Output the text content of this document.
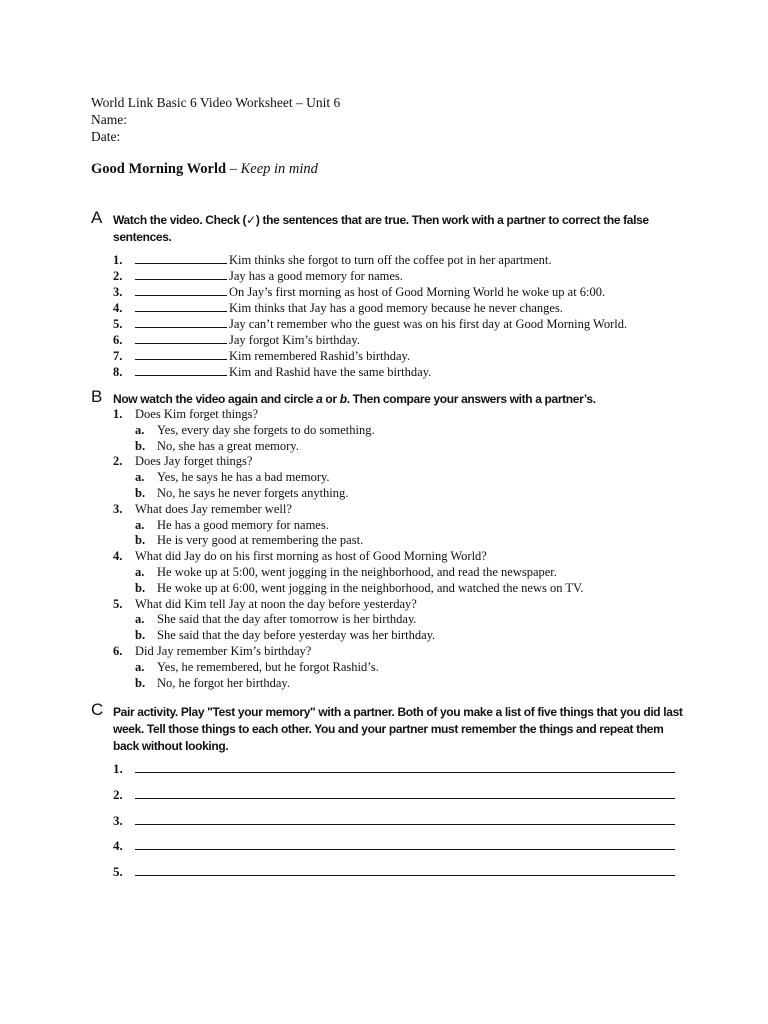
World Link Basic 6 Video Worksheet – Unit 6
Name:
Date:
Good Morning World – Keep in mind
A Watch the video. Check (✓) the sentences that are true. Then work with a partner to correct the false sentences.
1.	Kim thinks she forgot to turn off the coffee pot in her apartment.
2.	Jay has a good memory for names.
3.	On Jay’s first morning as host of Good Morning World he woke up at 6:00.
4.	Kim thinks that Jay has a good memory because he never changes.
5.	Jay can’t remember who the guest was on his first day at Good Morning World.
6.	Jay forgot Kim’s birthday.
7.	Kim remembered Rashid’s birthday.
8.	Kim and Rashid have the same birthday.
B Now watch the video again and circle a or b. Then compare your answers with a partner’s.
1. Does Kim forget things?
a. Yes, every day she forgets to do something.
b. No, she has a great memory.
2. Does Jay forget things?
a. Yes, he says he has a bad memory.
b. No, he says he never forgets anything.
3. What does Jay remember well?
a. He has a good memory for names.
b. He is very good at remembering the past.
4. What did Jay do on his first morning as host of Good Morning World?
a. He woke up at 5:00, went jogging in the neighborhood, and read the newspaper.
b. He woke up at 6:00, went jogging in the neighborhood, and watched the news on TV.
5. What did Kim tell Jay at noon the day before yesterday?
a. She said that the day after tomorrow is her birthday.
b. She said that the day before yesterday was her birthday.
6. Did Jay remember Kim’s birthday?
a. Yes, he remembered, but he forgot Rashid’s.
b. No, he forgot her birthday.
C Pair activity. Play "Test your memory" with a partner. Both of you make a list of five things that you did last week. Tell those things to each other. You and your partner must remember the things and repeat them back without looking.
1.
2.
3.
4.
5.
